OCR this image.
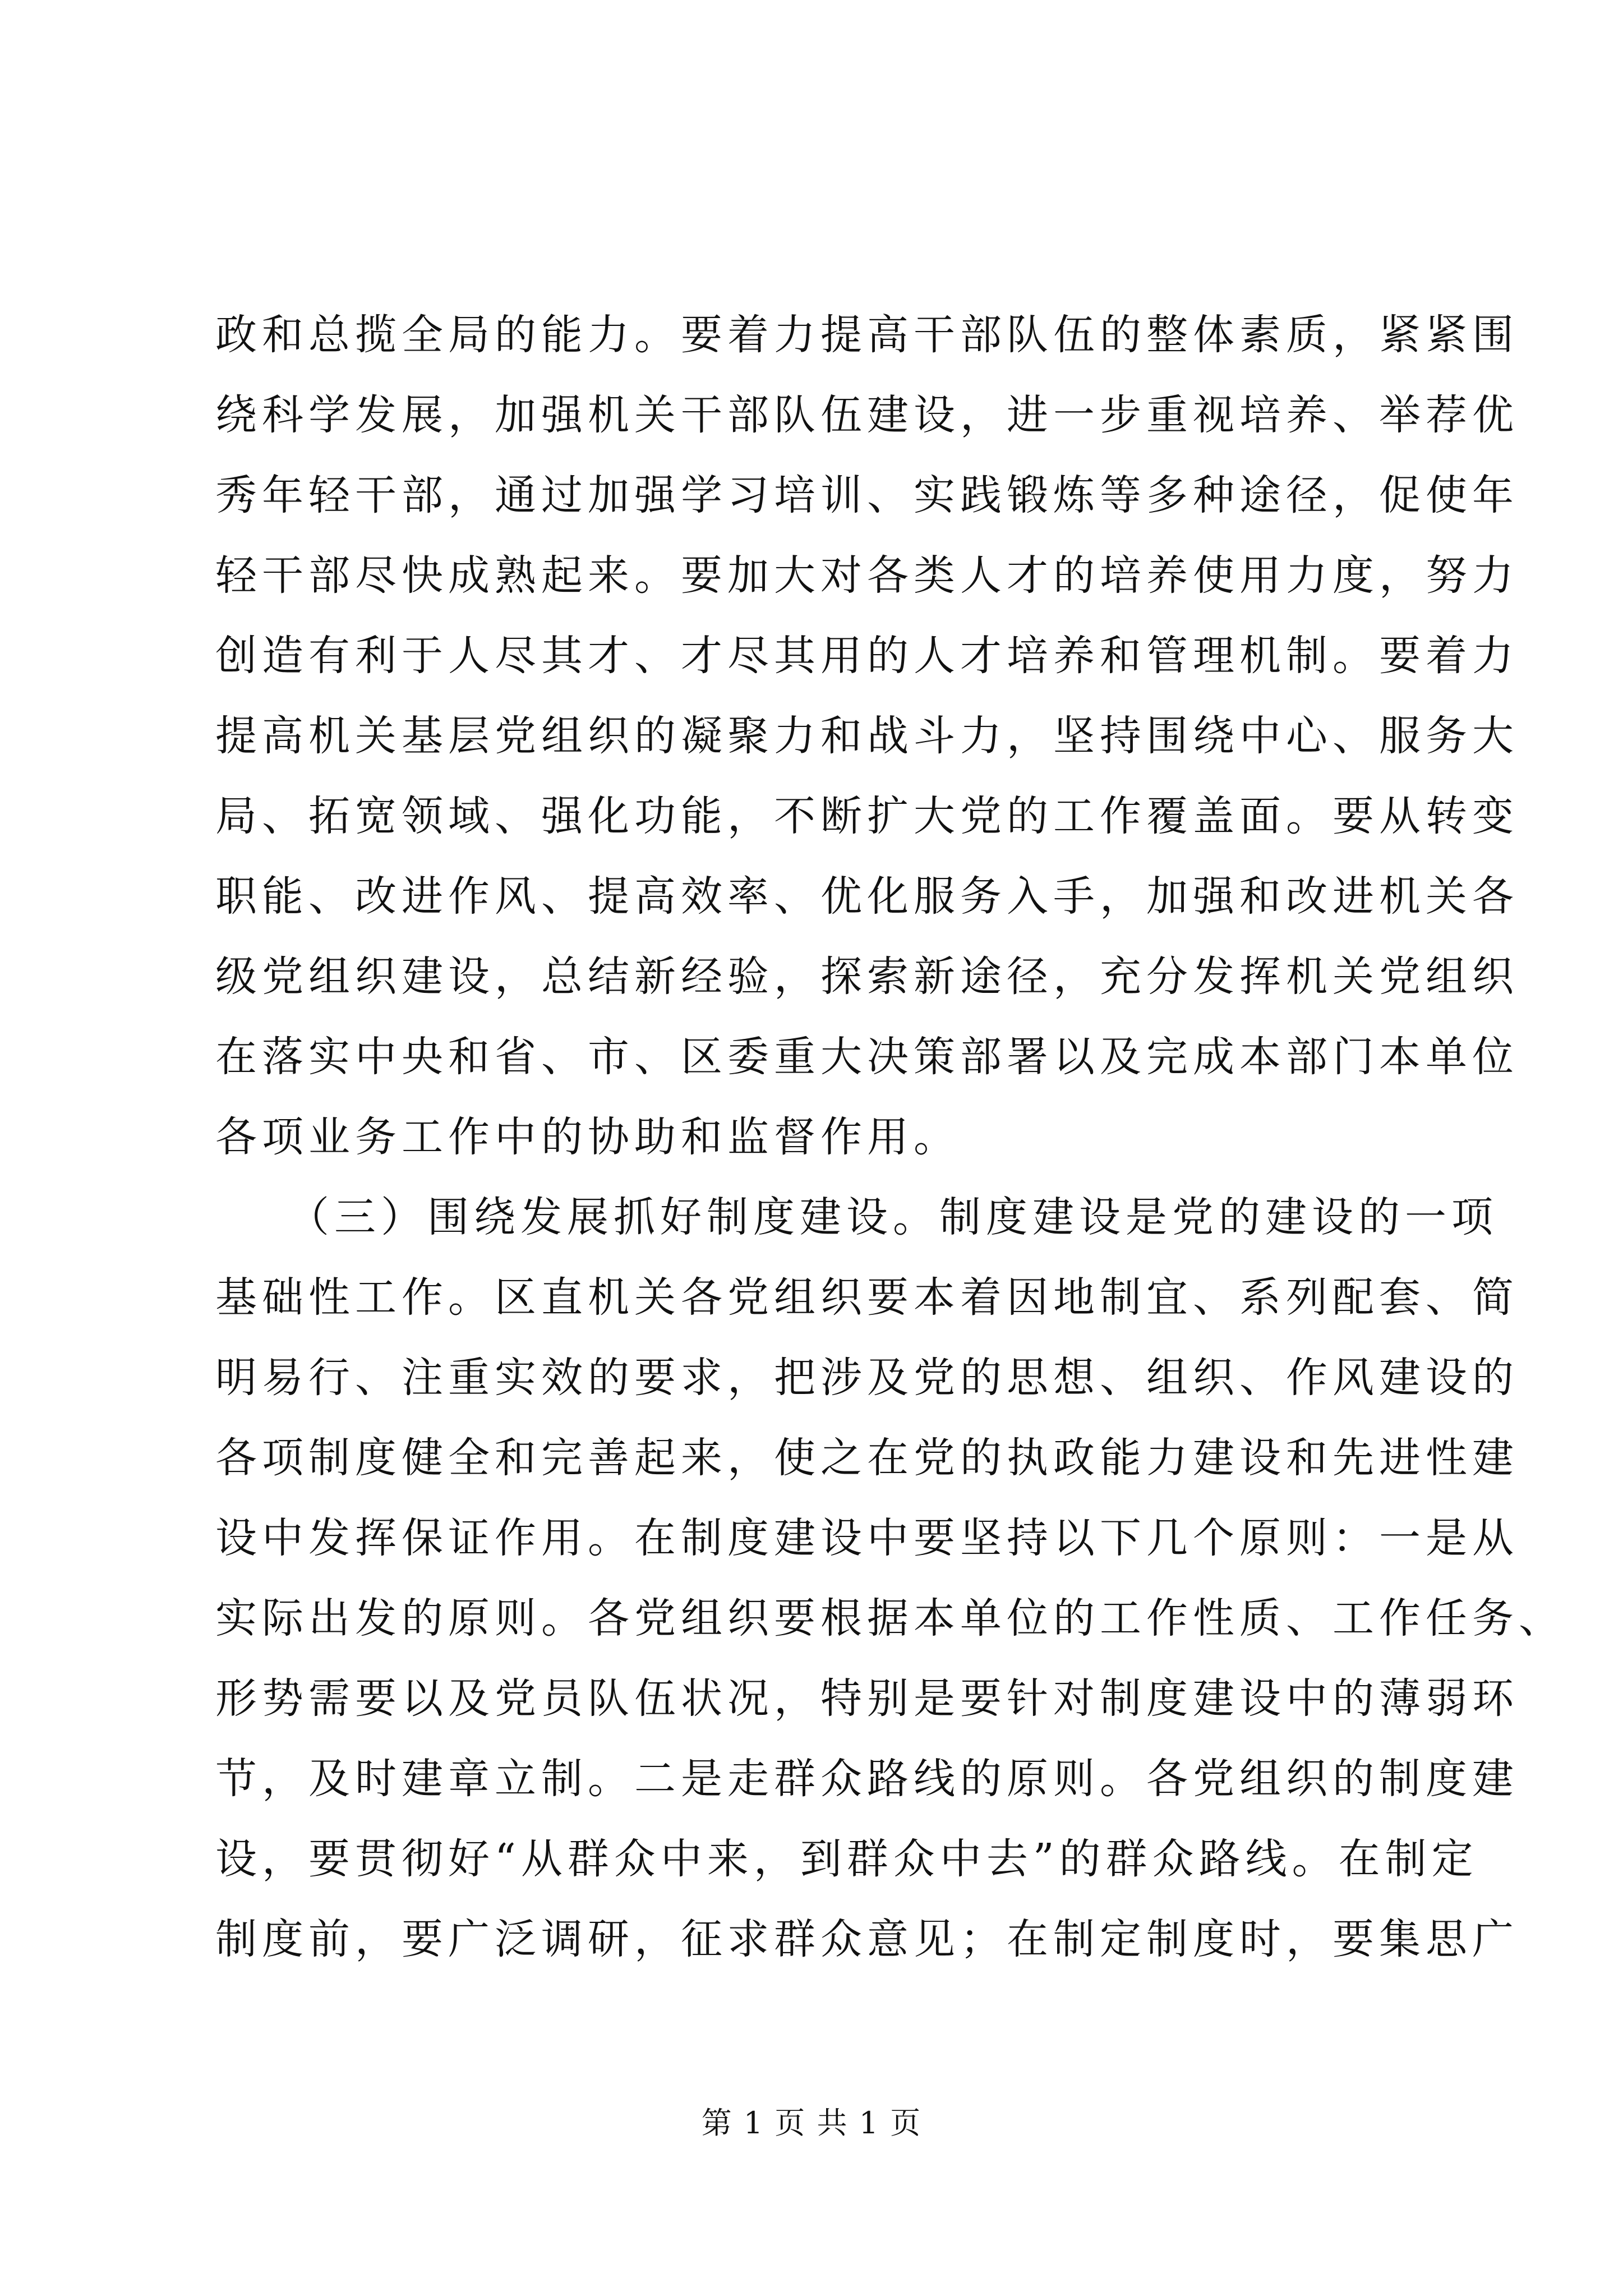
政和总揽全局的能力。要着力提高干部队伍的整体素质，紧紧围
绕科学发展，加强机关干部队伍建设，进一步重视培养、举荐优
秀年轻干部，通过加强学习培训、实践锻炼等多种途径，促使年
轻干部尽快成熟起来。要加大对各类人才的培养使用力度，努力
创造有利于人尽其才、才尽其用的人才培养和管理机制。要着力
提高机关基层党组织的凝聚力和战斗力，坚持围绕中心、服务大
局、拓宽领域、强化功能，不断扩大党的工作覆盖面。要从转变
职能、改进作风、提高效率、优化服务入手，加强和改进机关各
级党组织建设，总结新经验，探索新途径，充分发挥机关党组织
在落实中央和省、市、区委重大决策部署以及完成本部门本单位
各项业务工作中的协助和监督作用。
　　（三）围绕发展抓好制度建设。制度建设是党的建设的一项
基础性工作。区直机关各党组织要本着因地制宜、系列配套、简
明易行、注重实效的要求，把涉及党的思想、组织、作风建设的
各项制度健全和完善起来，使之在党的执政能力建设和先进性建
设中发挥保证作用。在制度建设中要坚持以下几个原则：一是从
实际出发的原则。各党组织要根据本单位的工作性质、工作任务、
形势需要以及党员队伍状况，特别是要针对制度建设中的薄弱环
节，及时建章立制。二是走群众路线的原则。各党组织的制度建
设，要贯彻好“从群众中来，到群众中去”的群众路线。在制定
制度前，要广泛调研，征求群众意见；在制定制度时，要集思广
第 1 页 共 1 页
